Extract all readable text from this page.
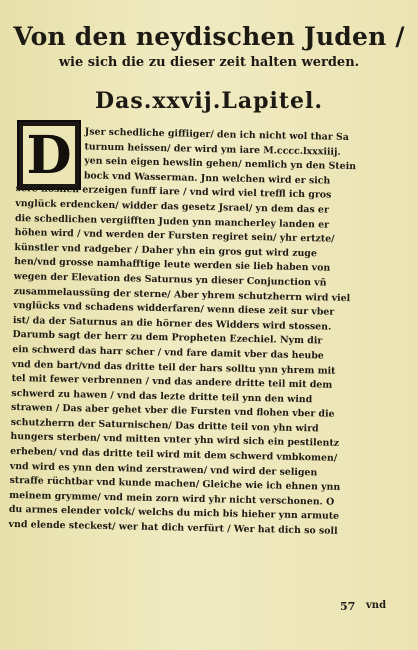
Von den neydischen Juden /
wie sich die zu dieser zeit halten werden.
Das.xxvij.Lapitel.
D	Jser schedliche giffiiger/ den ich nicht wol thar Sa
turnum heissen/ der wird ym iare M.cccc.lxxxiiij.
yen sein eigen hewslin gehen/ nemlich yn den Stein
bock vnd Wasserman. Jnn welchen wird er sich
sere höslich erzeigen funff iare / vnd wird viel treffl ich gros
vnglück erdencken/ widder das gesetz Jsrael/ yn dem das er
die schedlichen vergiifften Juden ynn mancherley landen er
höhen wird / vnd werden der Fursten regiret sein/ yhr ertzte/
künstler vnd radgeber / Daher yhn ein gros gut wird zuge
hen/vnd grosse namhafftige leute werden sie lieb haben von
wegen der Elevation des Saturnus yn dieser Conjunction vñ
zusammelaussüng der sterne/ Aber yhrem schutzherrn wird viel
vnglücks vnd schadens widderfaren/ wenn diese zeit sur vber
ist/ da der Saturnus an die hörner des Widders wird stossen.
Darumb sagt der herr zu dem Propheten Ezechiel. Nym dir
ein schwerd das harr scher / vnd fare damit vber das heube
vnd den bart/vnd das dritte teil der hars solltu ynn yhrem mit
tel mit fewer verbrennen / vnd das andere dritte teil mit dem
schwerd zu hawen / vnd das lezte dritte teil ynn den wind
strawen / Das aber gehet vber die Fursten vnd flohen vber die
schutzherrn der Saturnischen/ Das dritte teil von yhn wird
hungers sterben/ vnd mitten vnter yhn wird sich ein pestilentz
erheben/ vnd das dritte teil wird mit dem schwerd vmbkomen/
vnd wird es ynn den wind zerstrawen/ vnd wird der seligen
straffe rüchtbar vnd kunde machen/ Gleiche wie ich ehnen ynn
meinem grymme/ vnd mein zorn wird yhr nicht verschonen. O
du armes elender volck/ welchs du mich bis hieher ynn armute
vnd elende steckest/ wer hat dich verfürt / Wer hat dich so soll
57 vnd
